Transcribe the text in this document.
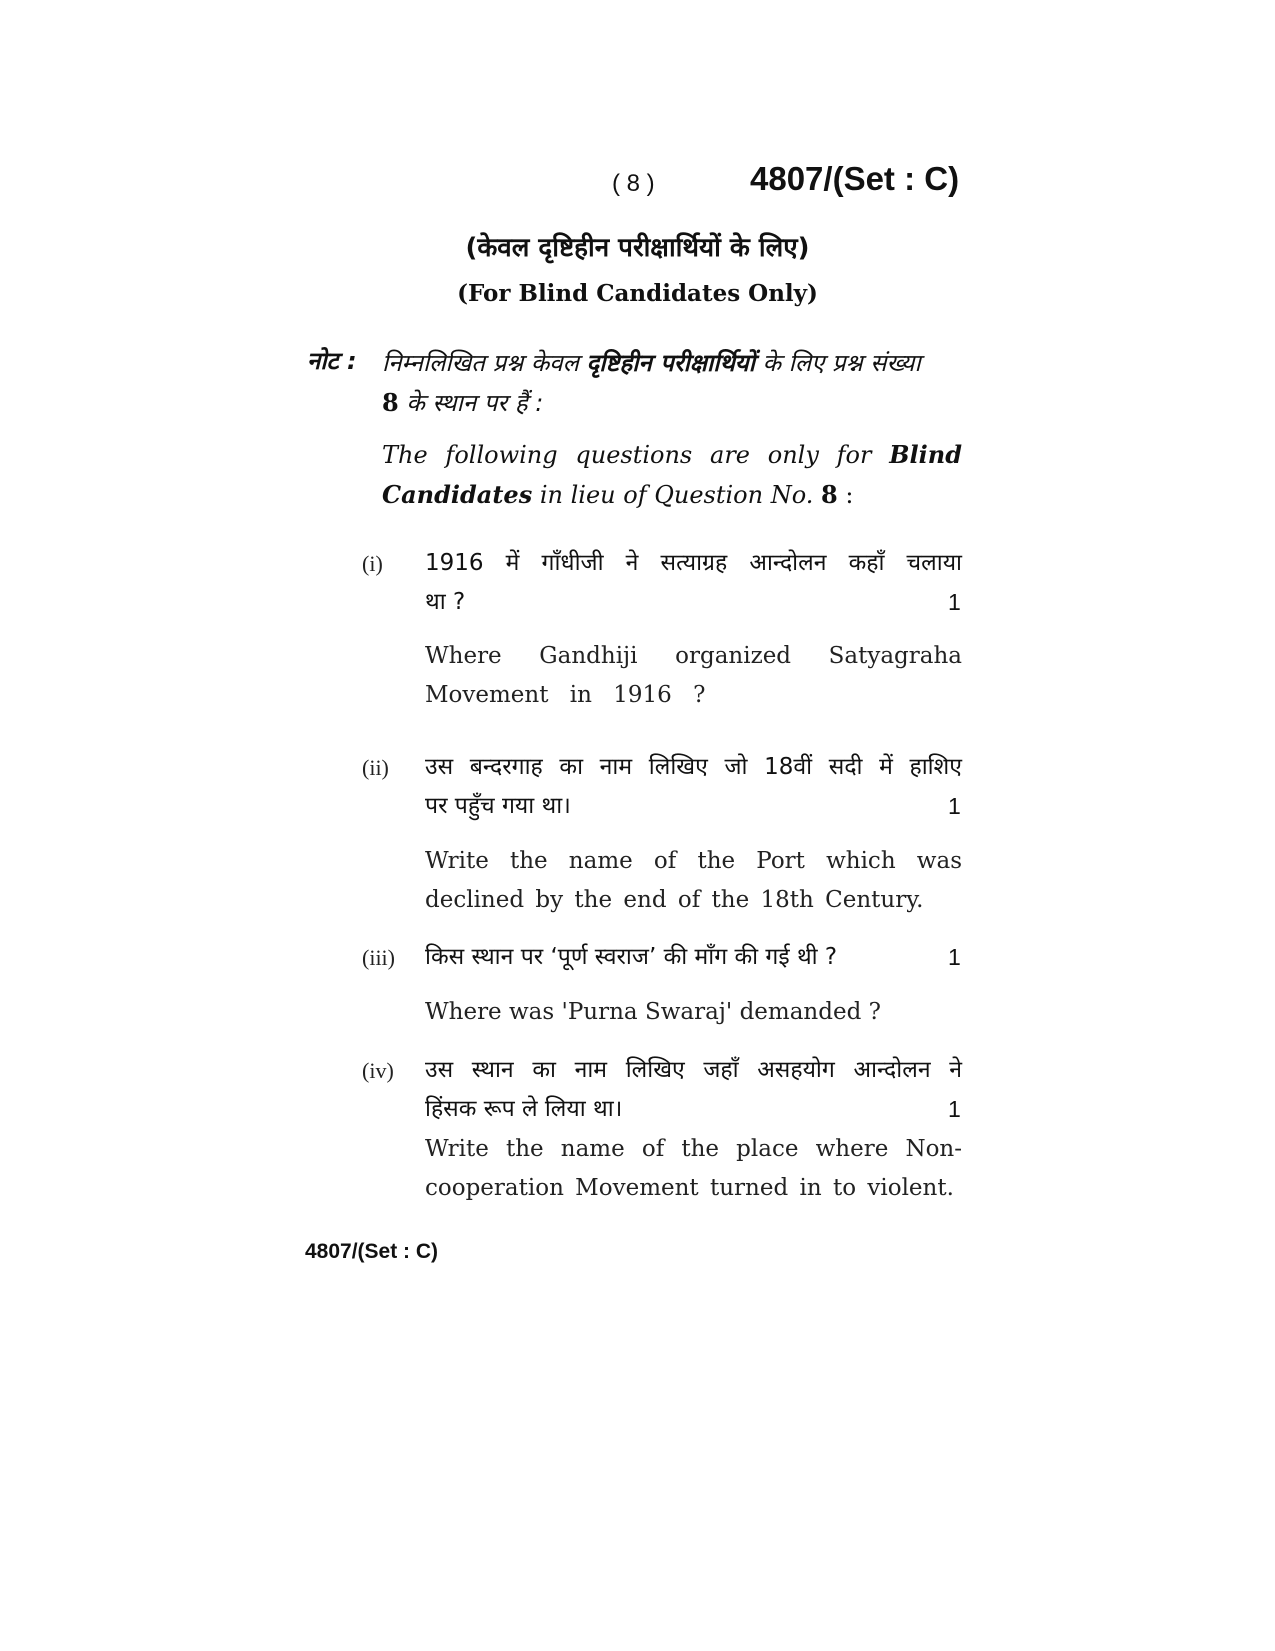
( 8 )	4807/(Set : C)
(केवल दृष्टिहीन परीक्षार्थियों के लिए)
(For Blind Candidates Only)
नोट : निम्नलिखित प्रश्न केवल दृष्टिहीन परीक्षार्थियों के लिए प्रश्न संख्या
8 के स्थान पर हैं :
The following questions are only for Blind Candidates in lieu of Question No. 8 :
(i) 1916 में गाँधीजी ने सत्याग्रह आन्दोलन कहाँ चलाया
था ?	1
Where Gandhiji organized Satyagraha Movement in 1916 ?
(ii) उस बन्दरगाह का नाम लिखिए जो 18वीं सदी में हाशिए
पर पहुँच गया था।	1
Write the name of the Port which was declined by the end of the 18th Century.
(iii) किस स्थान पर ‘पूर्ण स्वराज’ की माँग की गई थी ?	1
Where was 'Purna Swaraj' demanded ?
(iv) उस स्थान का नाम लिखिए जहाँ असहयोग आन्दोलन ने
हिंसक रूप ले लिया था।	1
Write the name of the place where Non-cooperation Movement turned in to violent.
4807/(Set : C)
